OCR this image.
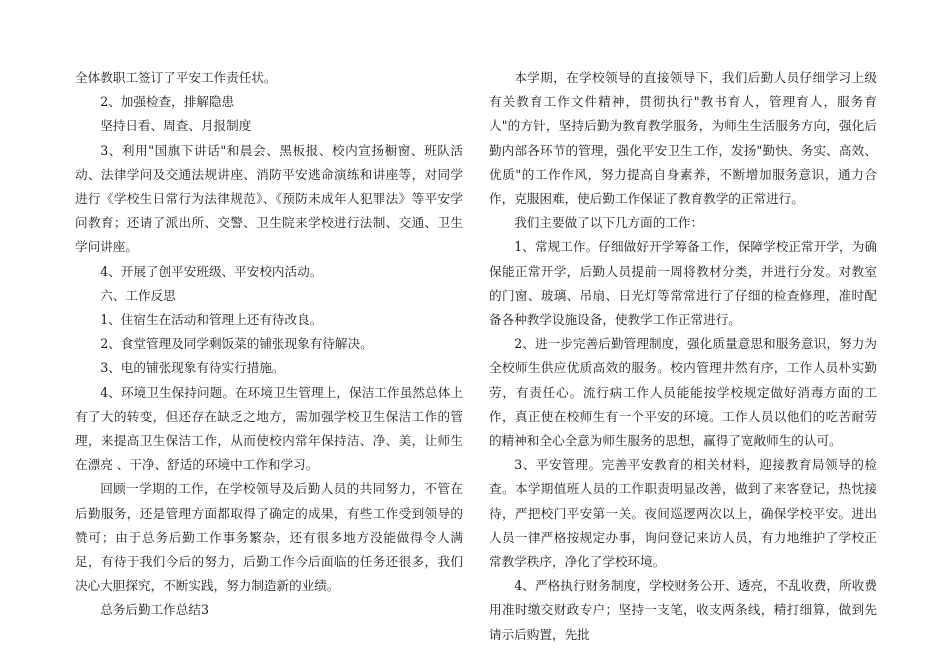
全体教职工签订了平安工作责任状。

2、加强检查，排解隐患

坚持日看、周查、月报制度

3、利用"国旗下讲话"和晨会、黑板报、校内宣扬橱窗、班队活动、法律学问及交通法规讲座、消防平安逃命演练和讲座等，对同学进行《学校生日常行为法律规范》、《预防未成年人犯罪法》等平安学问教育；还请了派出所、交警、卫生院来学校进行法制、交通、卫生学问讲座。

4、开展了创平安班级、平安校内活动。

六、工作反思

1、住宿生在活动和管理上还有待改良。

2、食堂管理及同学剩饭菜的铺张现象有待解决。

3、电的铺张现象有待实行措施。

4、环境卫生保持问题。在环境卫生管理上，保洁工作虽然总体上有了大的转变，但还存在缺乏之地方，需加强学校卫生保洁工作的管理，来提高卫生保洁工作，从而使校内常年保持洁、净、美，让师生在漂亮 、干净、舒适的环境中工作和学习。

回顾一学期的工作，在学校领导及后勤人员的共同努力，不管在后勤服务，还是管理方面都取得了确定的成果，有些工作受到领导的赞可；由于总务后勤工作事务繁杂，还有很多地方没能做得令人满足，有待于我们今后的努力，后勤工作今后面临的任务还很多，我们决心大胆探究，不断实践，努力制造新的业绩。

总务后勤工作总结3

本学期，在学校领导的直接领导下，我们后勤人员仔细学习上级有关教育工作文件精神，贯彻执行"教书育人，管理育人，服务育人"的方针，坚持后勤为教育教学服务，为师生生活服务方向，强化后勤内部各环节的管理，强化平安卫生工作，发扬"勤快、务实、高效、优质"的工作作风，努力提高自身素养，不断增加服务意识，通力合作，克服困难，使后勤工作保证了教育教学的正常进行。

我们主要做了以下几方面的工作：

1、常规工作。仔细做好开学筹备工作，保障学校正常开学，为确保能正常开学，后勤人员提前一周将教材分类，并进行分发。对教室的门窗、玻璃、吊扇、日光灯等常常进行了仔细的检查修理，准时配备各种教学设施设备，使教学工作正常进行。

2、进一步完善后勤管理制度，强化质量意思和服务意识，努力为全校师生供应优质高效的服务。校内管理井然有序，工作人员朴实勤劳，有责任心。流行病工作人员能能按学校规定做好消毒方面的工作，真正使在校师生有一个平安的环境。工作人员以他们的吃苦耐劳的精神和全心全意为师生服务的思想，赢得了宽敞师生的认可。

3、平安管理。完善平安教育的相关材料，迎接教育局领导的检查。本学期值班人员的工作职责明显改善，做到了来客登记，热忱接待，严把校门平安第一关。夜间巡逻两次以上，确保学校平安。进出人员一律严格按规定办事，询问登记来访人员，有力地维护了学校正常教学秩序，净化了学校环境。

4、严格执行财务制度，学校财务公开、透亮，不乱收费，所收费用准时缴交财政专户；坚持一支笔，收支两条线，精打细算，做到先请示后购置，先批
